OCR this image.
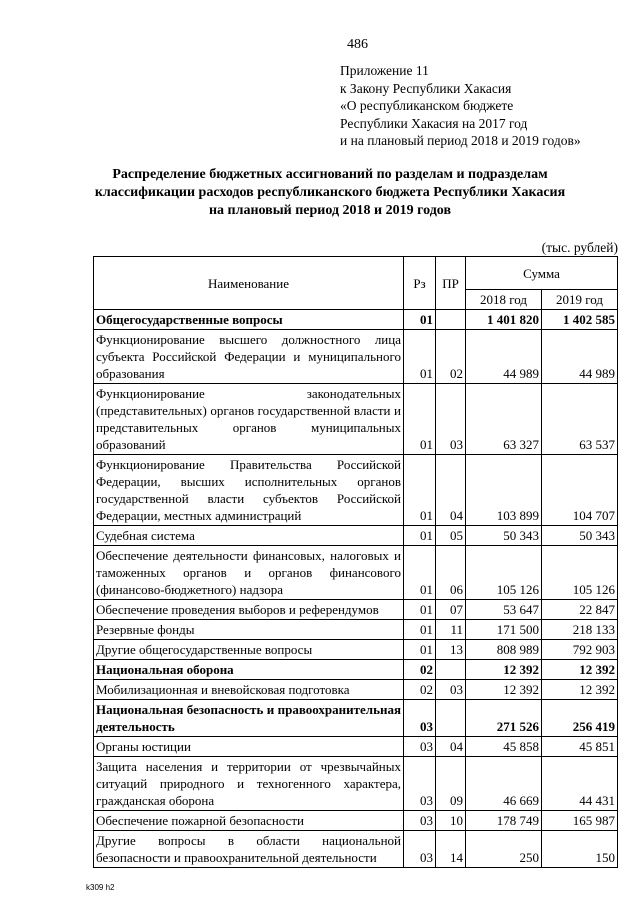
486
Приложение 11
к Закону Республики Хакасия
«О республиканском бюджете
Республики Хакасия на 2017 год
и на плановый период 2018 и 2019 годов»
Распределение бюджетных ассигнований по разделам и подразделам
классификации расходов республиканского бюджета Республики Хакасия
на плановый период 2018 и 2019 годов
(тыс. рублей)
Наименование	Рз	ПР	Сумма	
			2018 год	2019 год
Общегосударственные вопросы	01		1 401 820	1 402 585
Функционирование высшего должностного лица субъекта Российской Федерации и муниципального образования	01	02	44 989	44 989
Функционирование законодательных (представительных) органов государственной власти и представительных органов муниципальных образований	01	03	63 327	63 537
Функционирование Правительства Российской Федерации, высших исполнительных органов государственной власти субъектов Российской Федерации, местных администраций	01	04	103 899	104 707
Судебная система	01	05	50 343	50 343
Обеспечение деятельности финансовых, налоговых и таможенных органов и органов финансового (финансово-бюджетного) надзора	01	06	105 126	105 126
Обеспечение проведения выборов и референдумов	01	07	53 647	22 847
Резервные фонды	01	11	171 500	218 133
Другие общегосударственные вопросы	01	13	808 989	792 903
Национальная оборона	02		12 392	12 392
Мобилизационная и вневойсковая подготовка	02	03	12 392	12 392
Национальная безопасность и правоохранительная деятельность	03		271 526	256 419
Органы юстиции	03	04	45 858	45 851
Защита населения и территории от чрезвычайных ситуаций природного и техногенного характера, гражданская оборона	03	09	46 669	44 431
Обеспечение пожарной безопасности	03	10	178 749	165 987
Другие вопросы в области национальной безопасности и правоохранительной деятельности	03	14	250	150
k309 h2
